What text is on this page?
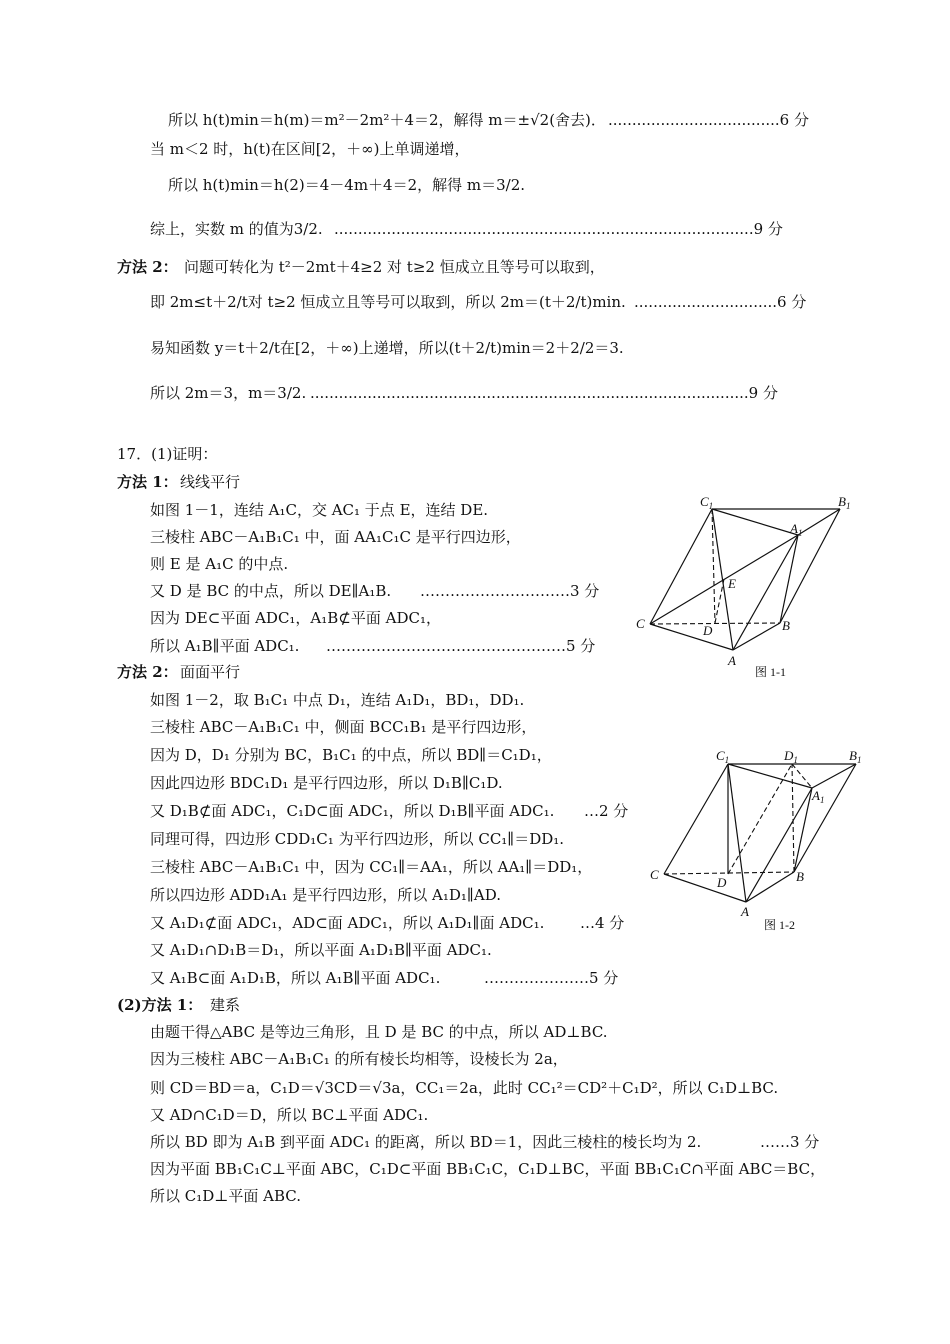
所以 h(t)min＝h(m)＝m²－2m²＋4＝2，解得 m＝±√2(舍去)． ....................................6 分
当 m＜2 时，h(t)在区间[2，＋∞)上单调递增，
所以 h(t)min＝h(2)＝4－4m＋4＝2，解得 m＝3/2.
综上，实数 m 的值为3/2. ........................................................................................9 分
方法 2： 问题可转化为 t²－2mt＋4≥2 对 t≥2 恒成立且等号可以取到，
即 2m≤t＋2/t对 t≥2 恒成立且等号可以取到，所以 2m＝(t＋2/t)min. ..............................6 分
易知函数 y＝t＋2/t在[2，＋∞)上递增，所以(t＋2/t)min＝2＋2/2＝3.
所以 2m＝3，m＝3/2. ............................................................................................9 分
17．(1)证明：
方法 1： 线线平行
如图 1－1，连结 A₁C，交 AC₁ 于点 E，连结 DE.
三棱柱 ABC－A₁B₁C₁ 中，面 AA₁C₁C 是平行四边形，
则 E 是 A₁C 的中点.
又 D 是 BC 的中点，所以 DE∥A₁B. …………………………3 分
因为 DE⊂平面 ADC₁，A₁B⊄平面 ADC₁，
所以 A₁B∥平面 ADC₁. …………………………………………5 分
方法 2： 面面平行
如图 1－2，取 B₁C₁ 中点 D₁，连结 A₁D₁，BD₁，DD₁.
三棱柱 ABC－A₁B₁C₁ 中，侧面 BCC₁B₁ 是平行四边形，
因为 D，D₁ 分别为 BC，B₁C₁ 的中点，所以 BD∥＝C₁D₁，
因此四边形 BDC₁D₁ 是平行四边形，所以 D₁B∥C₁D.
又 D₁B⊄面 ADC₁，C₁D⊂面 ADC₁，所以 D₁B∥平面 ADC₁. …2 分
同理可得，四边形 CDD₁C₁ 为平行四边形，所以 CC₁∥＝DD₁.
三棱柱 ABC－A₁B₁C₁ 中，因为 CC₁∥＝AA₁，所以 AA₁∥＝DD₁，
所以四边形 ADD₁A₁ 是平行四边形，所以 A₁D₁∥AD.
又 A₁D₁⊄面 ADC₁，AD⊂面 ADC₁，所以 A₁D₁∥面 ADC₁. …4 分
又 A₁D₁∩D₁B＝D₁，所以平面 A₁D₁B∥平面 ADC₁.
又 A₁B⊂面 A₁D₁B，所以 A₁B∥平面 ADC₁.	…………………5 分
(2)方法 1： 建系
由题干得△ABC 是等边三角形，且 D 是 BC 的中点，所以 AD⊥BC.
因为三棱柱 ABC－A₁B₁C₁ 的所有棱长均相等，设棱长为 2a，
则 CD＝BD＝a，C₁D＝√3CD＝√3a，CC₁＝2a，此时 CC₁²＝CD²＋C₁D²，所以 C₁D⊥BC.
又 AD∩C₁D＝D，所以 BC⊥平面 ADC₁.
所以 BD 即为 A₁B 到平面 ADC₁ 的距离，所以 BD＝1，因此三棱柱的棱长均为 2.	……3 分
因为平面 BB₁C₁C⊥平面 ABC，C₁D⊂平面 BB₁C₁C，C₁D⊥BC，平面 BB₁C₁C∩平面 ABC＝BC，
所以 C₁D⊥平面 ABC.
$C_1$	$B_1$
$A_1$
E
C	D	B
A
图 1-1
$C_1$	$D_1$	$B_1$
$A_1$
C
D	B
A
图 1-2
